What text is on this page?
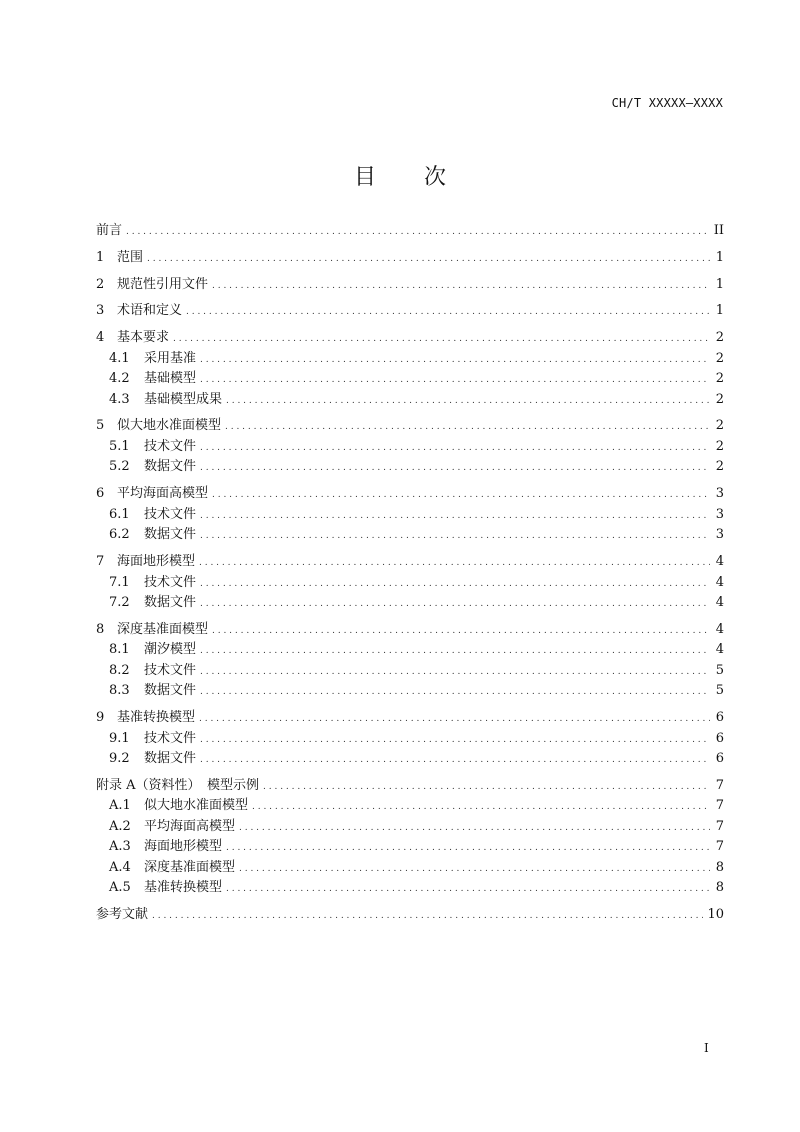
CH/T XXXXX—XXXX
目 次
前言 . . .	II
1 范围 . . .	1
2 规范性引用文件 . . .	1
3 术语和定义 . . .	1
4 基本要求 . . .	2
4.1	采用基准 . . .	2
4.2	基础模型 . . .	2
4.3	基础模型成果 . . .	2
5 似大地水准面模型 . . .	2
5.1	技术文件 . . .	2
5.2	数据文件 . . .	2
6 平均海面高模型 . . .	3
6.1	技术文件 . . .	3
6.2	数据文件 . . .	3
7 海面地形模型 . . .	4
7.1	技术文件 . . .	4
7.2	数据文件 . . .	4
8 深度基准面模型 . . .	4
8.1	潮汐模型 . . .	4
8.2	技术文件 . . .	5
8.3	数据文件 . . .	5
9 基准转换模型 . . .	6
9.1	技术文件 . . .	6
9.2	数据文件 . . .	6
附录 A（资料性）　模型示例 . . .	7
A.1	似大地水准面模型 . . .	7
A.2	平均海面高模型 . . .	7
A.3	海面地形模型 . . .	7
A.4	深度基准面模型 . . .	8
A.5	基准转换模型 . . .	8
参考文献 . . .	10
I
